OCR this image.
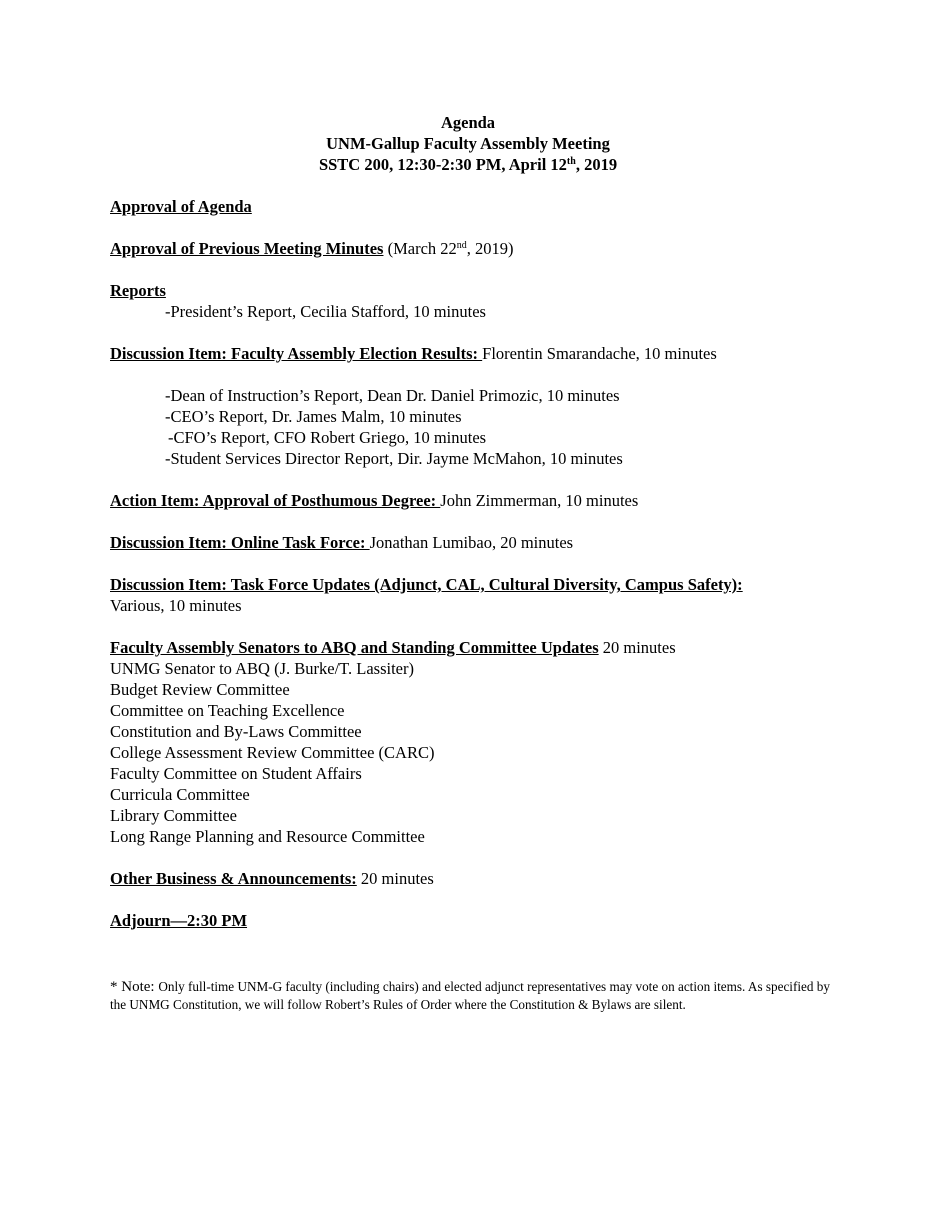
Agenda
UNM-Gallup Faculty Assembly Meeting
SSTC 200, 12:30-2:30 PM, April 12th, 2019
Approval of Agenda
Approval of Previous Meeting Minutes (March 22nd, 2019)
Reports
-President’s Report, Cecilia Stafford, 10 minutes
Discussion Item: Faculty Assembly Election Results: Florentin Smarandache, 10 minutes
-Dean of Instruction’s Report, Dean Dr. Daniel Primozic, 10 minutes
-CEO’s Report, Dr. James Malm, 10 minutes
-CFO’s Report, CFO Robert Griego, 10 minutes
-Student Services Director Report, Dir. Jayme McMahon, 10 minutes
Action Item: Approval of Posthumous Degree: John Zimmerman, 10 minutes
Discussion Item: Online Task Force: Jonathan Lumibao, 20 minutes
Discussion Item: Task Force Updates (Adjunct, CAL, Cultural Diversity, Campus Safety):
Various, 10 minutes
Faculty Assembly Senators to ABQ and Standing Committee Updates 20 minutes
UNMG Senator to ABQ (J. Burke/T. Lassiter)
Budget Review Committee
Committee on Teaching Excellence
Constitution and By-Laws Committee
College Assessment Review Committee (CARC)
Faculty Committee on Student Affairs
Curricula Committee
Library Committee
Long Range Planning and Resource Committee
Other Business & Announcements: 20 minutes
Adjourn—2:30 PM
* Note: Only full-time UNM-G faculty (including chairs) and elected adjunct representatives may vote on action items. As specified by the UNMG Constitution, we will follow Robert’s Rules of Order where the Constitution & Bylaws are silent.
